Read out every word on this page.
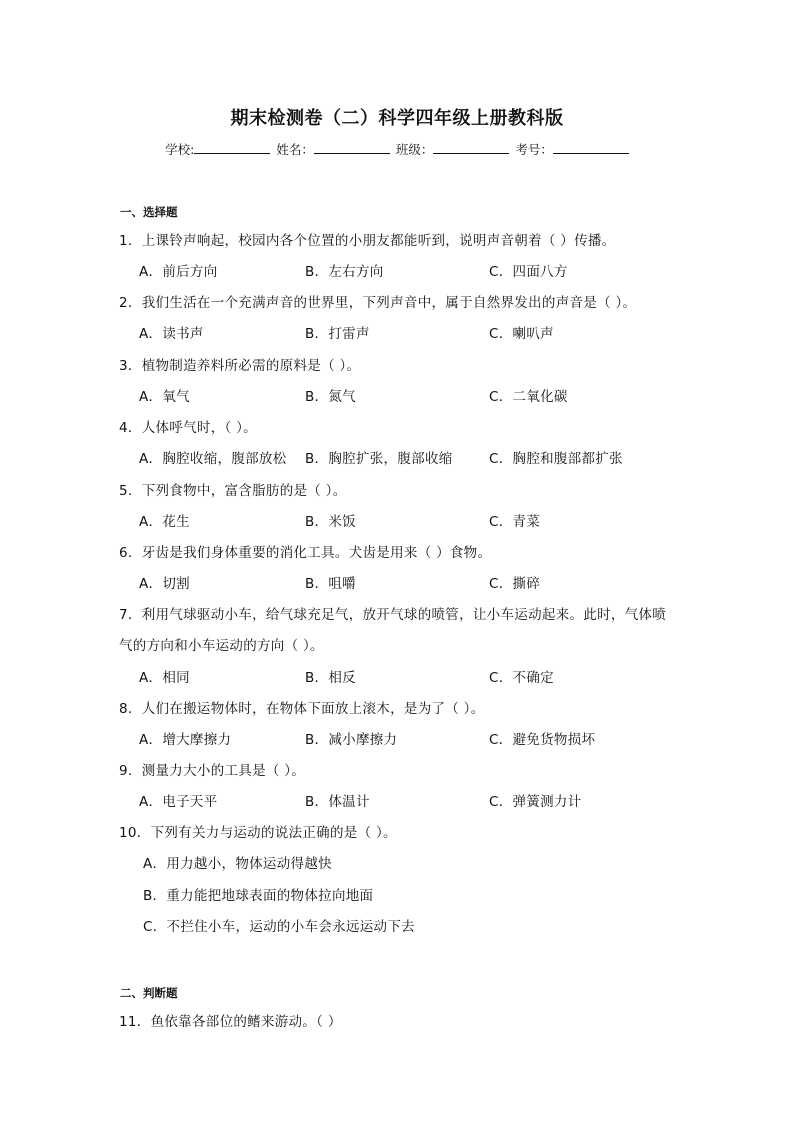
期末检测卷（二）科学四年级上册教科版
学校:	姓名：	班级：	考号：
一、选择题
1．上课铃声响起，校园内各个位置的小朋友都能听到，说明声音朝着（ ）传播。
A．前后方向	B．左右方向	C．四面八方
2．我们生活在一个充满声音的世界里，下列声音中，属于自然界发出的声音是（ ）。
A．读书声	B．打雷声	C．喇叭声
3．植物制造养料所必需的原料是（ ）。
A．氧气	B．氮气	C．二氧化碳
4．人体呼气时，（ ）。
A．胸腔收缩，腹部放松 B．胸腔扩张，腹部收缩	C．胸腔和腹部都扩张
5．下列食物中，富含脂肪的是（ ）。
A．花生	B．米饭	C．青菜
6．牙齿是我们身体重要的消化工具。犬齿是用来（ ）食物。
A．切割	B．咀嚼	C．撕碎
7．利用气球驱动小车，给气球充足气，放开气球的喷管，让小车运动起来。此时，气体喷
气的方向和小车运动的方向（ ）。
A．相同	B．相反	C．不确定
8．人们在搬运物体时，在物体下面放上滚木，是为了（ ）。
A．增大摩擦力	B．减小摩擦力	C．避免货物损坏
9．测量力大小的工具是（ ）。
A．电子天平	B．体温计	C．弹簧测力计
10．下列有关力与运动的说法正确的是（ ）。
A．用力越小，物体运动得越快
B．重力能把地球表面的物体拉向地面
C．不拦住小车，运动的小车会永远运动下去
二、判断题
11．鱼依靠各部位的鳍来游动。（ ）
